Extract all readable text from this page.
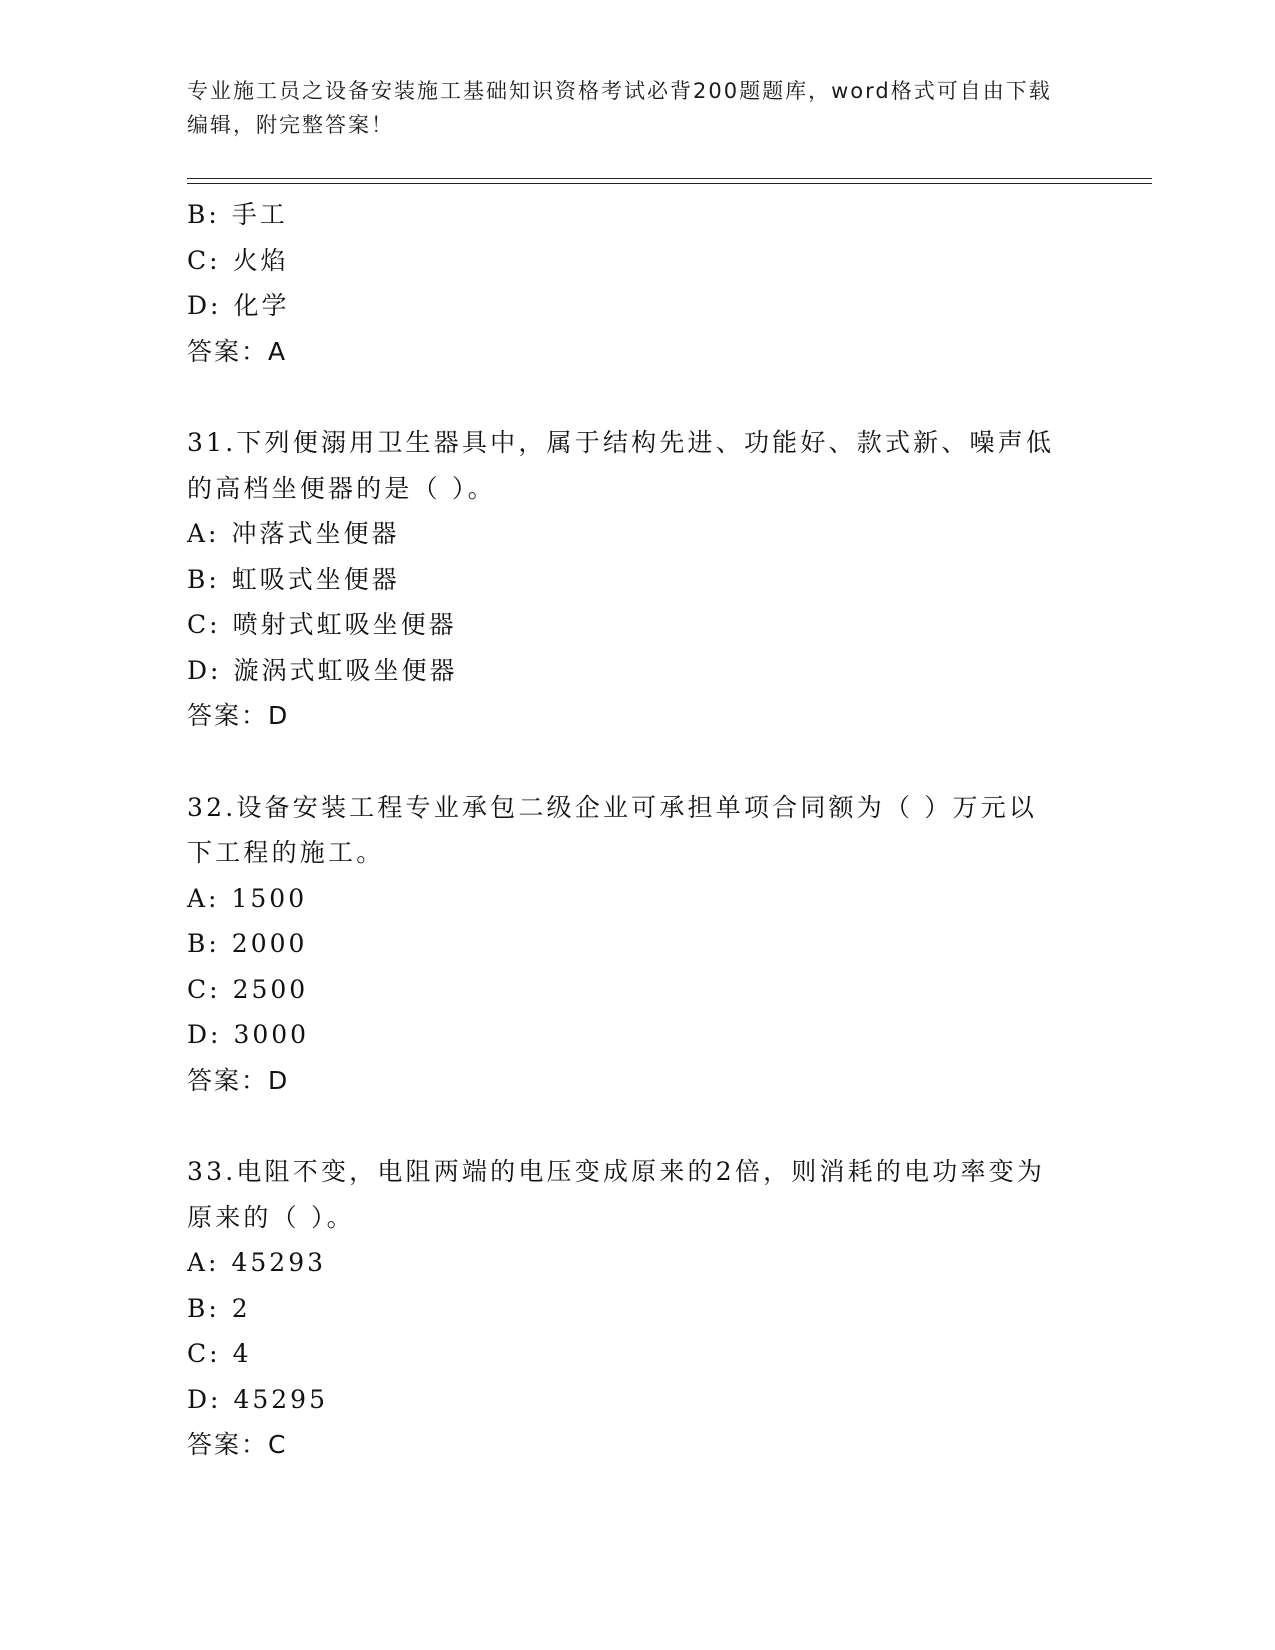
专业施工员之设备安装施工基础知识资格考试必背200题题库，word格式可自由下载编辑，附完整答案！
B: 手工
C: 火焰
D: 化学
答案：A
31.下列便溺用卫生器具中，属于结构先进、功能好、款式新、噪声低
的高档坐便器的是（ ）。
A: 冲落式坐便器
B: 虹吸式坐便器
C: 喷射式虹吸坐便器
D: 漩涡式虹吸坐便器
答案：D
32.设备安装工程专业承包二级企业可承担单项合同额为（ ）万元以
下工程的施工。
A: 1500
B: 2000
C: 2500
D: 3000
答案：D
33.电阻不变，电阻两端的电压变成原来的2倍，则消耗的电功率变为
原来的（ ）。
A: 45293
B: 2
C: 4
D: 45295
答案：C
